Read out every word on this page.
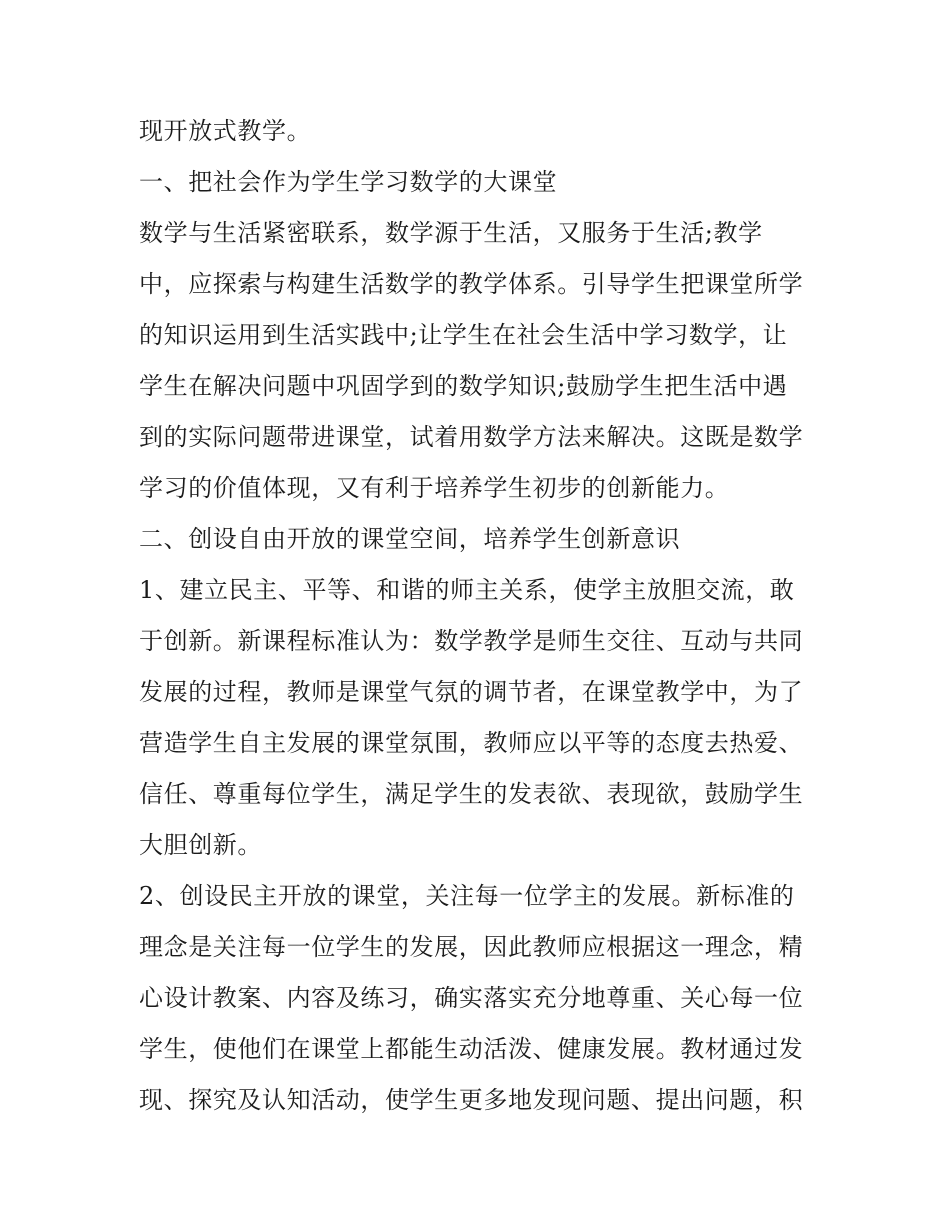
现开放式教学。
一、把社会作为学生学习数学的大课堂
数学与生活紧密联系，数学源于生活，又服务于生活;教学
中，应探索与构建生活数学的教学体系。引导学生把课堂所学
的知识运用到生活实践中;让学生在社会生活中学习数学，让
学生在解决问题中巩固学到的数学知识;鼓励学生把生活中遇
到的实际问题带进课堂，试着用数学方法来解决。这既是数学
学习的价值体现，又有利于培养学生初步的创新能力。
二、创设自由开放的课堂空间，培养学生创新意识
1、建立民主、平等、和谐的师主关系，使学主放胆交流，敢
于创新。新课程标准认为：数学教学是师生交往、互动与共同
发展的过程，教师是课堂气氛的调节者，在课堂教学中，为了
营造学生自主发展的课堂氛围，教师应以平等的态度去热爱、
信任、尊重每位学生，满足学生的发表欲、表现欲，鼓励学生
大胆创新。
2、创设民主开放的课堂，关注每一位学主的发展。新标准的
理念是关注每一位学生的发展，因此教师应根据这一理念，精
心设计教案、内容及练习，确实落实充分地尊重、关心每一位
学生，使他们在课堂上都能生动活泼、健康发展。教材通过发
现、探究及认知活动，使学生更多地发现问题、提出问题，积
